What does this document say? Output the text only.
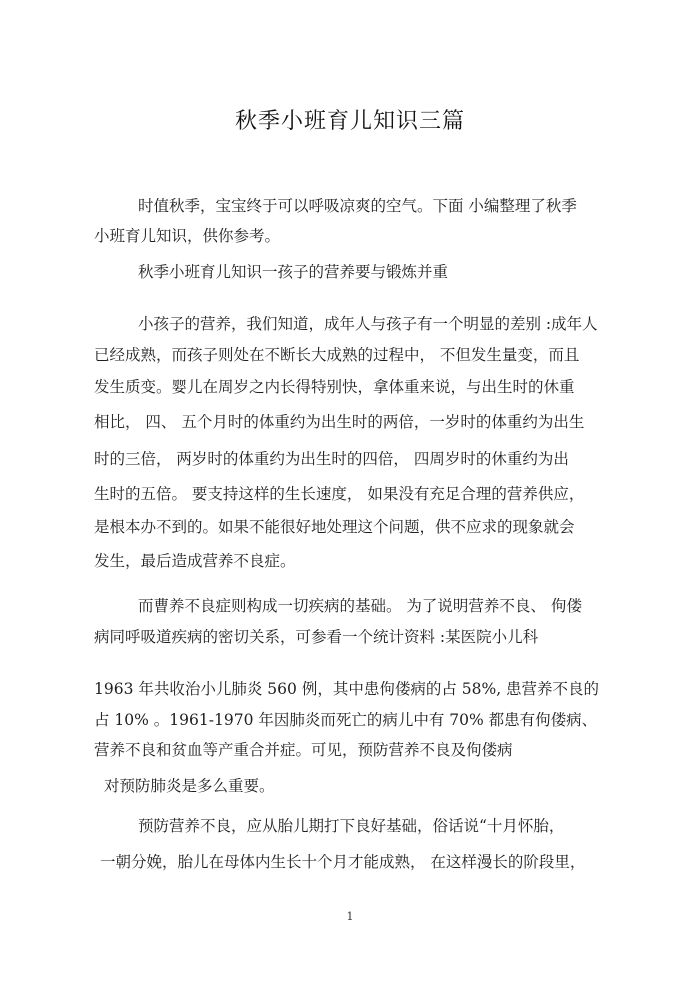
秋季小班育儿知识三篇
时值秋季，宝宝终于可以呼吸凉爽的空气。下面 小编整理了秋季
小班育儿知识，供你参考。
秋季小班育儿知识一孩子的营养要与锻炼并重
小孩子的营养，我们知道，成年人与孩子有一个明显的差别 :成年人
已经成熟，而孩子则处在不断长大成熟的过程中， 不但发生量变，而且
发生质变。婴儿在周岁之内长得特别快，拿体重来说，与出生时的休重
相比， 四、 五个月时的体重约为出生时的两倍，一岁时的体重约为出生
时的三倍， 两岁时的体重约为出生时的四倍， 四周岁时的休重约为出
生时的五倍。 要支持这样的生长速度， 如果没有充足合理的营养供应，
是根本办不到的。如果不能很好地处理这个问题，供不应求的现象就会
发生，最后造成营养不良症。
而曹养不良症则构成一切疾病的基础。 为了说明营养不良、 佝偻
病同呼吸道疾病的密切关系，可参看一个统计资料 :某医院小儿科
1963 年共收治小儿肺炎 560 例，其中患佝偻病的占 58%, 患营养不良的
占 10% 。1961-1970 年因肺炎而死亡的病儿中有 70% 都患有佝偻病、
营养不良和贫血等产重合并症。可见，预防营养不良及佝偻病
对预防肺炎是多么重要。
预防营养不良，应从胎儿期打下良好基础，俗话说“十月怀胎，
一朝分娩，胎儿在母体内生长十个月才能成熟， 在这样漫长的阶段里，
1
